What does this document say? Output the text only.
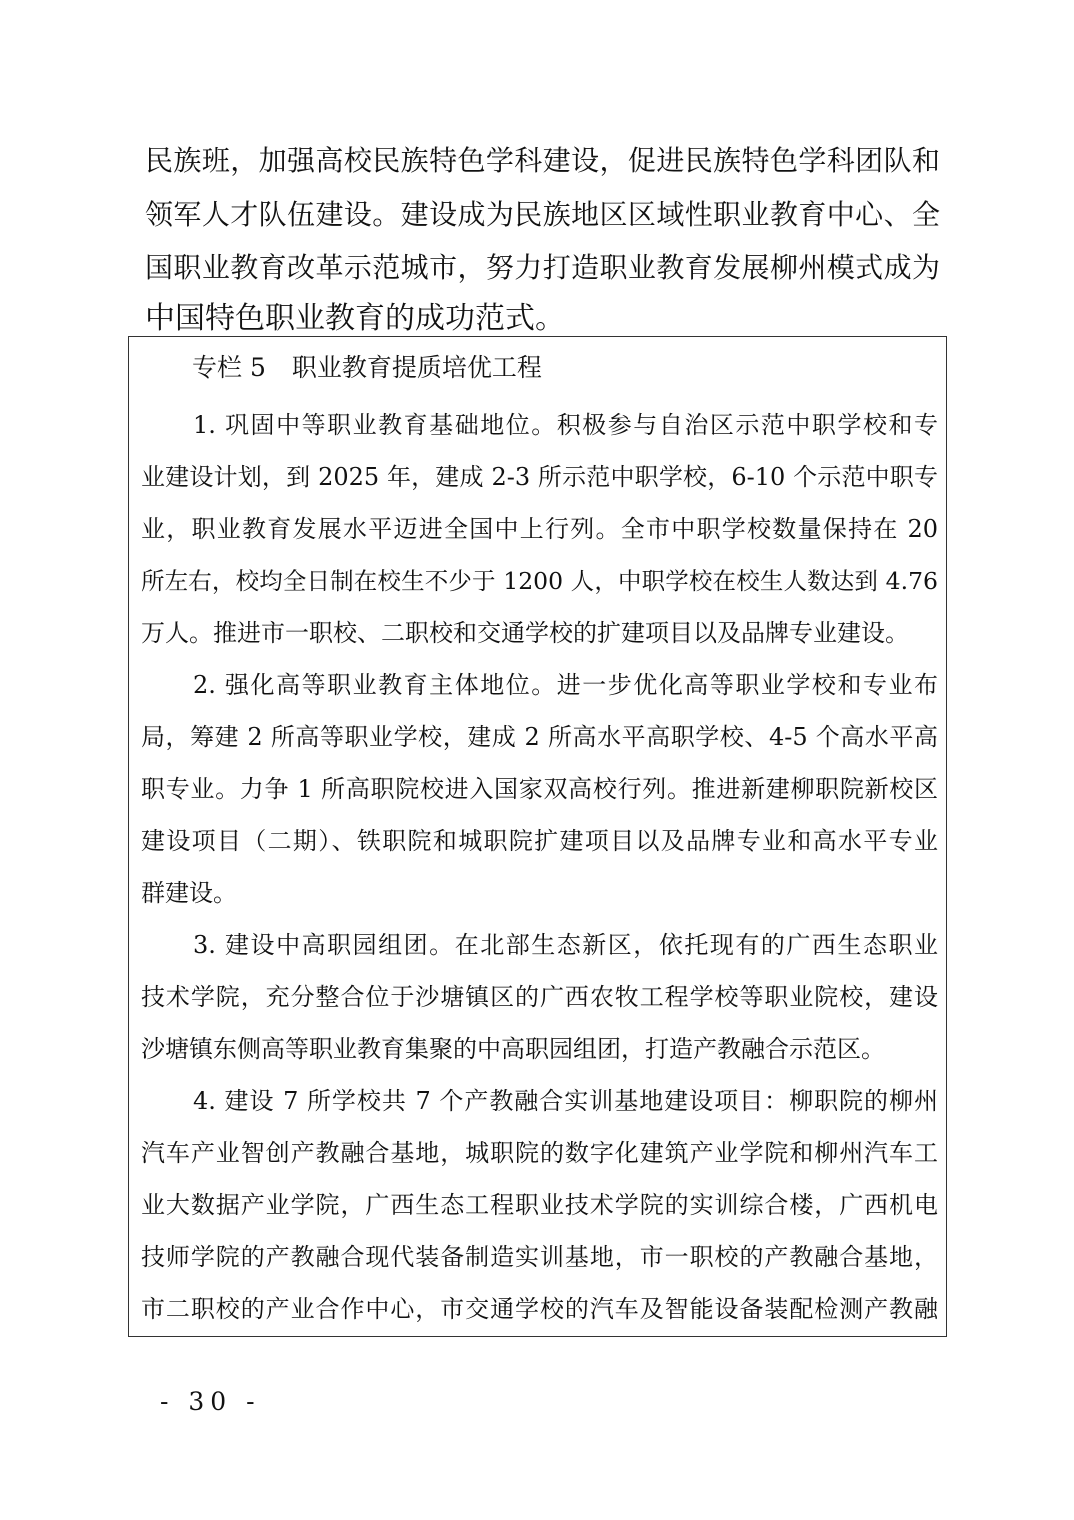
民族班，加强高校民族特色学科建设，促进民族特色学科团队和
领军人才队伍建设。建设成为民族地区区域性职业教育中心、全
国职业教育改革示范城市，努力打造职业教育发展柳州模式成为
中国特色职业教育的成功范式。
专栏 5 职业教育提质培优工程
1. 巩固中等职业教育基础地位。积极参与自治区示范中职学校和专
业建设计划，到 2025 年，建成 2-3 所示范中职学校，6-10 个示范中职专
业，职业教育发展水平迈进全国中上行列。全市中职学校数量保持在 20
所左右，校均全日制在校生不少于 1200 人，中职学校在校生人数达到 4.76
万人。推进市一职校、二职校和交通学校的扩建项目以及品牌专业建设。
2. 强化高等职业教育主体地位。进一步优化高等职业学校和专业布
局，筹建 2 所高等职业学校，建成 2 所高水平高职学校、4-5 个高水平高
职专业。力争 1 所高职院校进入国家双高校行列。推进新建柳职院新校区
建设项目（二期）、铁职院和城职院扩建项目以及品牌专业和高水平专业
群建设。
3. 建设中高职园组团。在北部生态新区，依托现有的广西生态职业
技术学院，充分整合位于沙塘镇区的广西农牧工程学校等职业院校，建设
沙塘镇东侧高等职业教育集聚的中高职园组团，打造产教融合示范区。
4. 建设 7 所学校共 7 个产教融合实训基地建设项目：柳职院的柳州
汽车产业智创产教融合基地，城职院的数字化建筑产业学院和柳州汽车工
业大数据产业学院，广西生态工程职业技术学院的实训综合楼，广西机电
技师学院的产教融合现代装备制造实训基地，市一职校的产教融合基地，
市二职校的产业合作中心，市交通学校的汽车及智能设备装配检测产教融
- 30 -
